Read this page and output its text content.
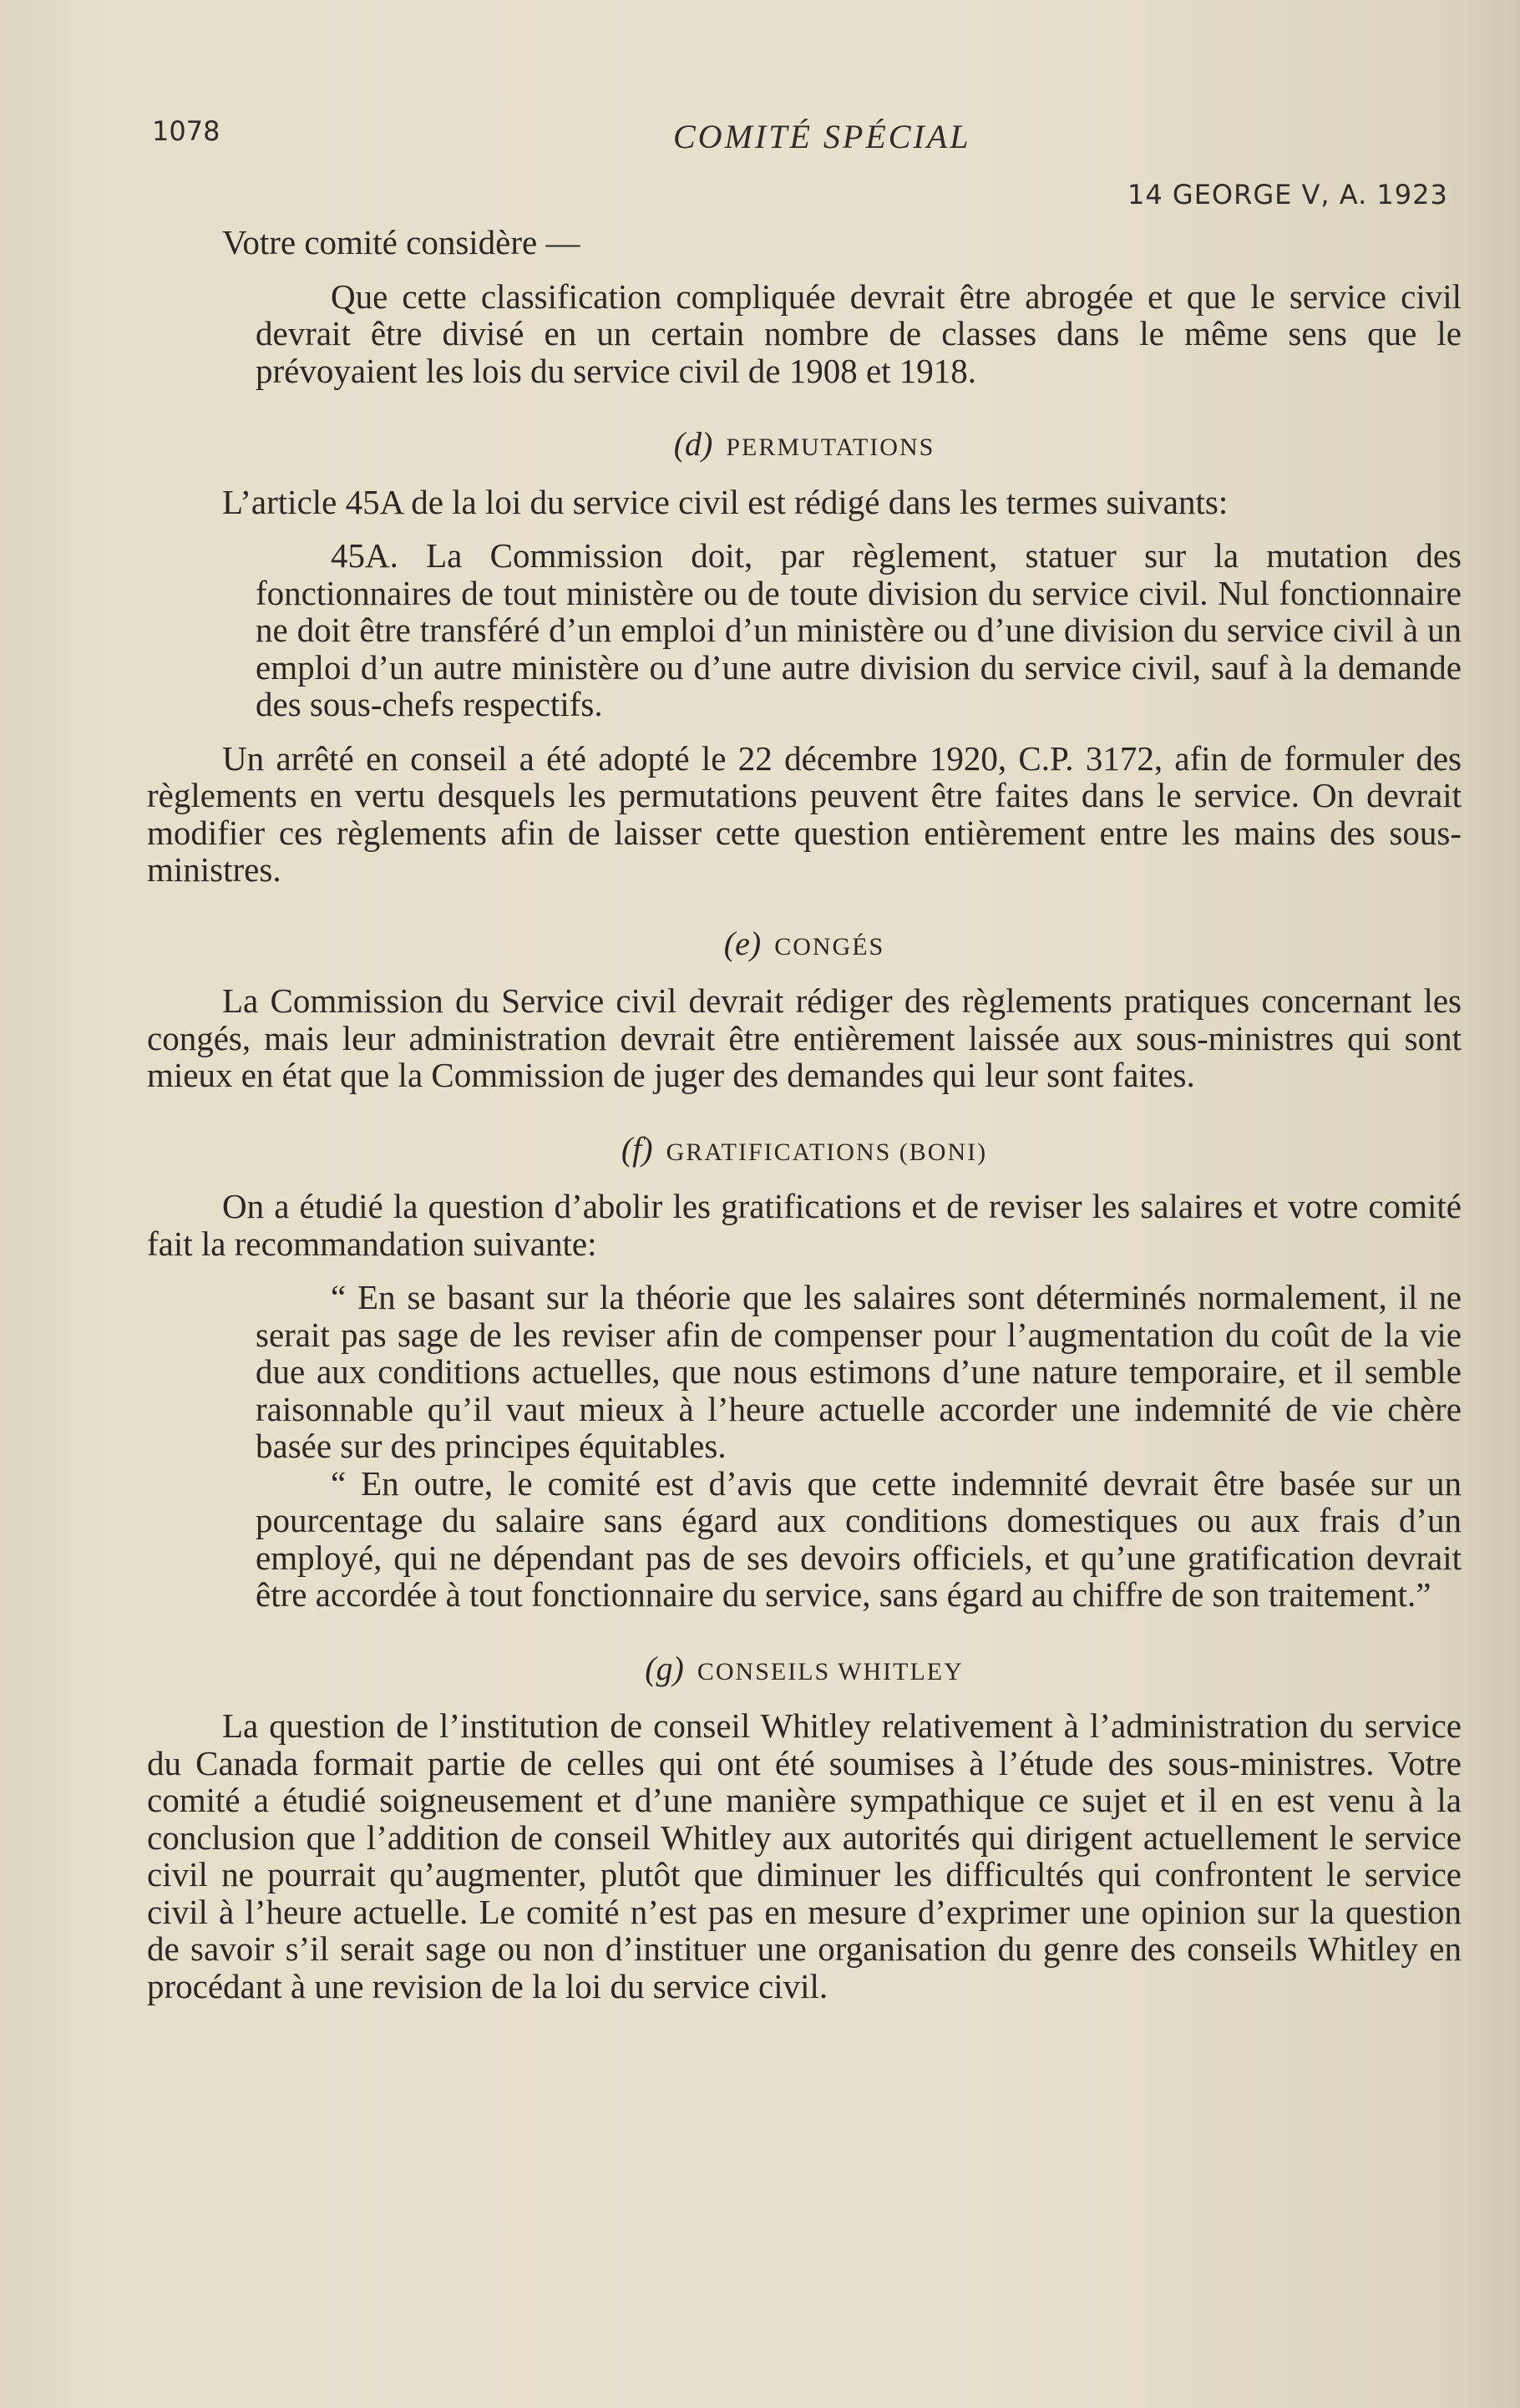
1078	COMITÉ SPÉCIAL
14 GEORGE V, A. 1923

Votre comité considère —

Que cette classification compliquée devrait être abrogée et que le service civil devrait être divisé en un certain nombre de classes dans le même sens que le prévoyaient les lois du service civil de 1908 et 1918.

(d) PERMUTATIONS

L’article 45A de la loi du service civil est rédigé dans les termes suivants:

45A. La Commission doit, par règlement, statuer sur la mutation des fonctionnaires de tout ministère ou de toute division du service civil. Nul fonctionnaire ne doit être transféré d’un emploi d’un ministère ou d’une division du service civil à un emploi d’un autre ministère ou d’une autre division du service civil, sauf à la demande des sous-chefs respectifs.

Un arrêté en conseil a été adopté le 22 décembre 1920, C.P. 3172, afin de formuler des règlements en vertu desquels les permutations peuvent être faites dans le service. On devrait modifier ces règlements afin de laisser cette question entièrement entre les mains des sous-ministres.

(e) CONGÉS

La Commission du Service civil devrait rédiger des règlements pratiques concernant les congés, mais leur administration devrait être entièrement laissée aux sous-ministres qui sont mieux en état que la Commission de juger des demandes qui leur sont faites.

(f) GRATIFICATIONS (BONI)

On a étudié la question d’abolir les gratifications et de reviser les salaires et votre comité fait la recommandation suivante:

“ En se basant sur la théorie que les salaires sont déterminés normalement, il ne serait pas sage de les reviser afin de compenser pour l’augmentation du coût de la vie due aux conditions actuelles, que nous estimons d’une nature temporaire, et il semble raisonnable qu’il vaut mieux à l’heure actuelle accorder une indemnité de vie chère basée sur des principes équitables.

“ En outre, le comité est d’avis que cette indemnité devrait être basée sur un pourcentage du salaire sans égard aux conditions domestiques ou aux frais d’un employé, qui ne dépendant pas de ses devoirs officiels, et qu’une gratification devrait être accordée à tout fonctionnaire du service, sans égard au chiffre de son traitement.”

(g) CONSEILS WHITLEY

La question de l’institution de conseil Whitley relativement à l’administration du service du Canada formait partie de celles qui ont été soumises à l’étude des sous-ministres. Votre comité a étudié soigneusement et d’une manière sympathique ce sujet et il en est venu à la conclusion que l’addition de conseil Whitley aux autorités qui dirigent actuellement le service civil ne pourrait qu’augmenter, plutôt que diminuer les difficultés qui confrontent le service civil à l’heure actuelle. Le comité n’est pas en mesure d’exprimer une opinion sur la question de savoir s’il serait sage ou non d’instituer une organisation du genre des conseils Whitley en procédant à une revision de la loi du service civil.
